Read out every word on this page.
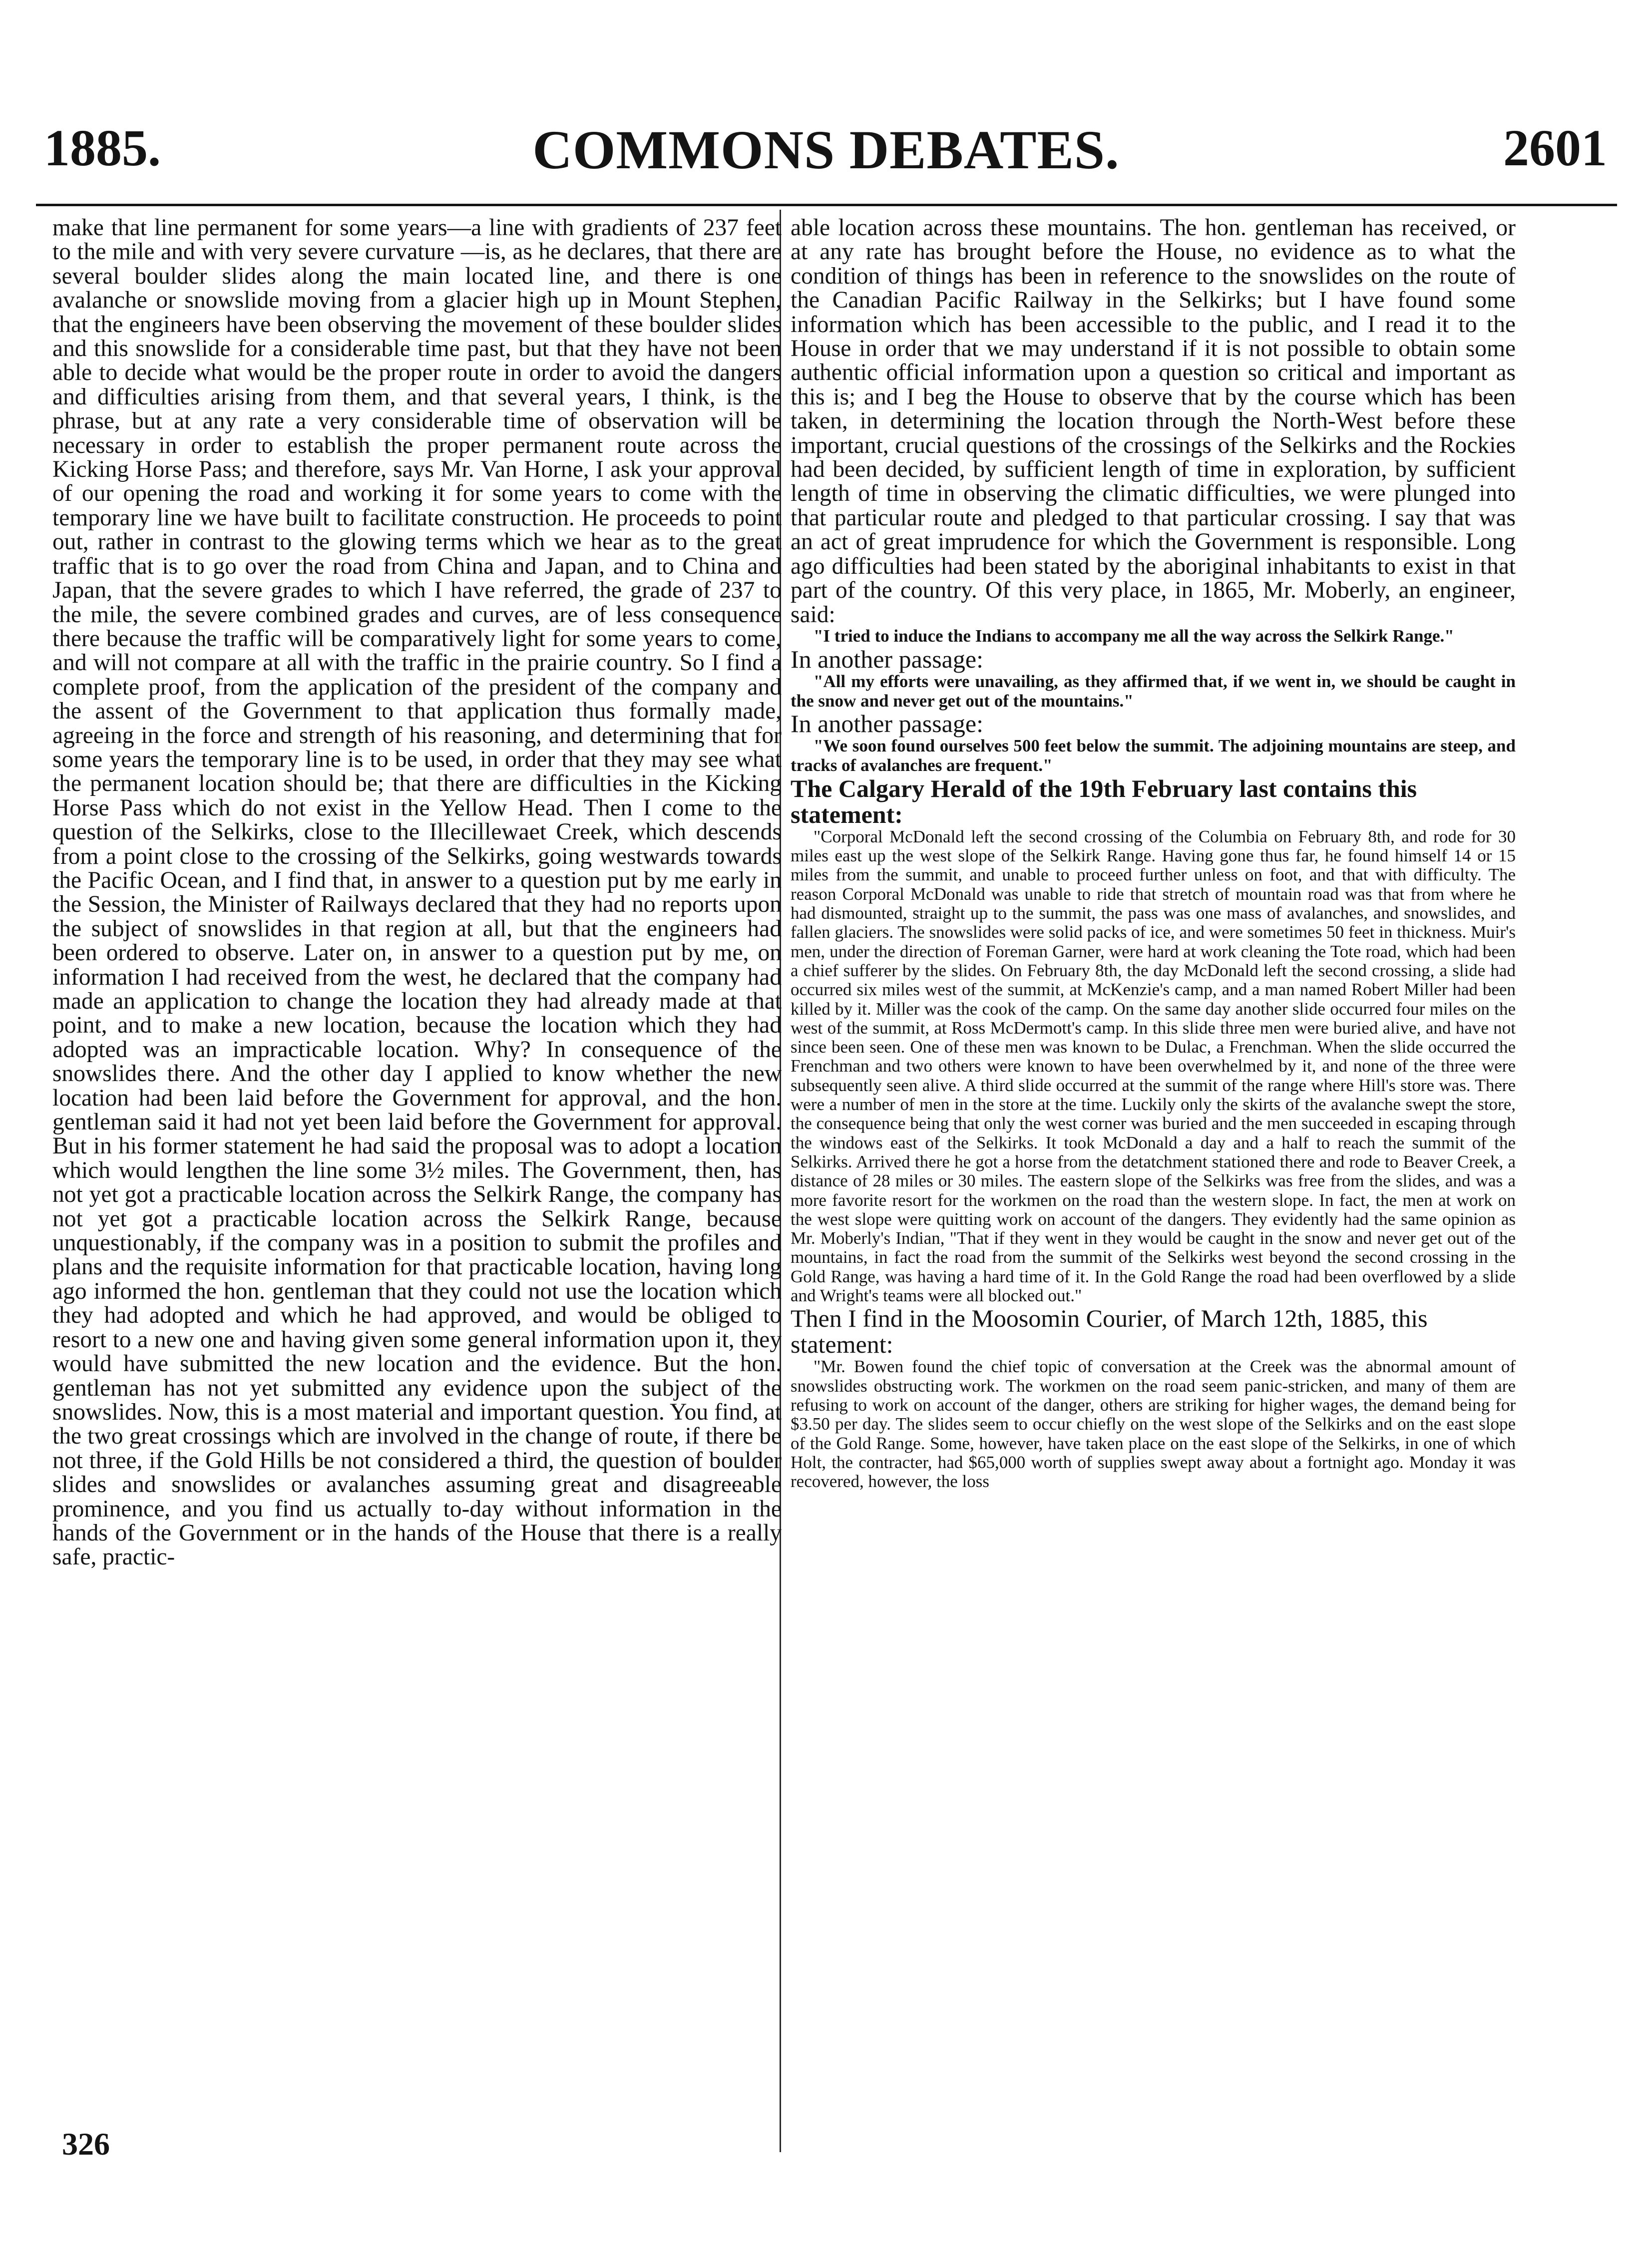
1885.	COMMONS DEBATES.	2601

make that line permanent for some years—a line with gradients of 237 feet to the mile and with very severe curvature —is, as he declares, that there are several boulder slides along the main located line, and there is one avalanche or snowslide moving from a glacier high up in Mount Stephen, that the engineers have been observing the movement of these boulder slides and this snowslide for a considerable time past, but that they have not been able to decide what would be the proper route in order to avoid the dangers and difficulties arising from them, and that several years, I think, is the phrase, but at any rate a very considerable time of observation will be necessary in order to establish the proper permanent route across the Kicking Horse Pass; and therefore, says Mr. Van Horne, I ask your approval of our opening the road and working it for some years to come with the temporary line we have built to facilitate construction. He proceeds to point out, rather in contrast to the glowing terms which we hear as to the great traffic that is to go over the road from China and Japan, and to China and Japan, that the severe grades to which I have referred, the grade of 237 to the mile, the severe combined grades and curves, are of less consequence there because the traffic will be comparatively light for some years to come, and will not compare at all with the traffic in the prairie country. So I find a complete proof, from the application of the president of the company and the assent of the Government to that application thus formally made, agreeing in the force and strength of his reasoning, and determining that for some years the temporary line is to be used, in order that they may see what the permanent location should be; that there are difficulties in the Kicking Horse Pass which do not exist in the Yellow Head. Then I come to the question of the Selkirks, close to the Illecillewaet Creek, which descends from a point close to the crossing of the Selkirks, going westwards towards the Pacific Ocean, and I find that, in answer to a question put by me early in the Session, the Minister of Railways declared that they had no reports upon the subject of snowslides in that region at all, but that the engineers had been ordered to observe. Later on, in answer to a question put by me, on information I had received from the west, he declared that the company had made an application to change the location they had already made at that point, and to make a new location, because the location which they had adopted was an impracticable location. Why? In consequence of the snowslides there. And the other day I applied to know whether the new location had been laid before the Government for approval, and the hon. gentleman said it had not yet been laid before the Government for approval. But in his former statement he had said the proposal was to adopt a location which would lengthen the line some 3½ miles. The Government, then, has not yet got a practicable location across the Selkirk Range, the company has not yet got a practicable location across the Selkirk Range, because unquestionably, if the company was in a position to submit the profiles and plans and the requisite information for that practicable location, having long ago informed the hon. gentleman that they could not use the location which they had adopted and which he had approved, and would be obliged to resort to a new one and having given some general information upon it, they would have submitted the new location and the evidence. But the hon. gentleman has not yet submitted any evidence upon the subject of the snowslides. Now, this is a most material and important question. You find, at the two great crossings which are involved in the change of route, if there be not three, if the Gold Hills be not considered a third, the question of boulder slides and snowslides or avalanches assuming great and disagreeable prominence, and you find us actually to-day without information in the hands of the Government or in the hands of the House that there is a really safe, practic-

able location across these mountains. The hon. gentleman has received, or at any rate has brought before the House, no evidence as to what the condition of things has been in reference to the snowslides on the route of the Canadian Pacific Railway in the Selkirks; but I have found some information which has been accessible to the public, and I read it to the House in order that we may understand if it is not possible to obtain some authentic official information upon a question so critical and important as this is; and I beg the House to observe that by the course which has been taken, in determining the location through the North-West before these important, crucial questions of the crossings of the Selkirks and the Rockies had been decided, by sufficient length of time in exploration, by sufficient length of time in observing the climatic difficulties, we were plunged into that particular route and pledged to that particular crossing. I say that was an act of great imprudence for which the Government is responsible. Long ago difficulties had been stated by the aboriginal inhabitants to exist in that part of the country. Of this very place, in 1865, Mr. Moberly, an engineer, said:

"I tried to induce the Indians to accompany me all the way across the Selkirk Range."

In another passage:

"All my efforts were unavailing, as they affirmed that, if we went in, we should be caught in the snow and never get out of the mountains."

In another passage:

"We soon found ourselves 500 feet below the summit. The adjoining mountains are steep, and tracks of avalanches are frequent."

The Calgary Herald of the 19th February last contains this statement:

"Corporal McDonald left the second crossing of the Columbia on February 8th, and rode for 30 miles east up the west slope of the Selkirk Range. Having gone thus far, he found himself 14 or 15 miles from the summit, and unable to proceed further unless on foot, and that with difficulty. The reason Corporal McDonald was unable to ride that stretch of mountain road was that from where he had dismounted, straight up to the summit, the pass was one mass of avalanches, and snowslides, and fallen glaciers. The snowslides were solid packs of ice, and were sometimes 50 feet in thickness. Muir's men, under the direction of Foreman Garner, were hard at work cleaning the Tote road, which had been a chief sufferer by the slides. On February 8th, the day McDonald left the second crossing, a slide had occurred six miles west of the summit, at McKenzie's camp, and a man named Robert Miller had been killed by it. Miller was the cook of the camp. On the same day another slide occurred four miles on the west of the summit, at Ross McDermott's camp. In this slide three men were buried alive, and have not since been seen. One of these men was known to be Dulac, a Frenchman. When the slide occurred the Frenchman and two others were known to have been overwhelmed by it, and none of the three were subsequently seen alive. A third slide occurred at the summit of the range where Hill's store was. There were a number of men in the store at the time. Luckily only the skirts of the avalanche swept the store, the consequence being that only the west corner was buried and the men succeeded in escaping through the windows east of the Selkirks. It took McDonald a day and a half to reach the summit of the Selkirks. Arrived there he got a horse from the detatchment stationed there and rode to Beaver Creek, a distance of 28 miles or 30 miles. The eastern slope of the Selkirks was free from the slides, and was a more favorite resort for the workmen on the road than the western slope. In fact, the men at work on the west slope were quitting work on account of the dangers. They evidently had the same opinion as Mr. Moberly's Indian, "That if they went in they would be caught in the snow and never get out of the mountains, in fact the road from the summit of the Selkirks west beyond the second crossing in the Gold Range, was having a hard time of it. In the Gold Range the road had been overflowed by a slide and Wright's teams were all blocked out."

Then I find in the Moosomin Courier, of March 12th, 1885, this statement:

"Mr. Bowen found the chief topic of conversation at the Creek was the abnormal amount of snowslides obstructing work. The workmen on the road seem panic-stricken, and many of them are refusing to work on account of the danger, others are striking for higher wages, the demand being for $3.50 per day. The slides seem to occur chiefly on the west slope of the Selkirks and on the east slope of the Gold Range. Some, however, have taken place on the east slope of the Selkirks, in one of which Holt, the contracter, had $65,000 worth of supplies swept away about a fortnight ago. Monday it was recovered, however, the loss

326
